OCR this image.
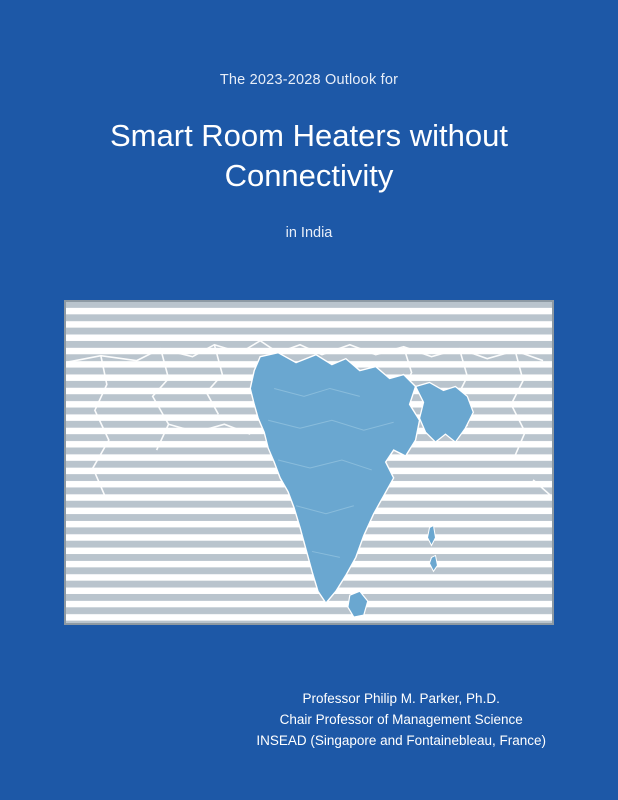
The 2023-2028 Outlook for

Smart Room Heaters without Connectivity

in India

Professor Philip M. Parker, Ph.D.
Chair Professor of Management Science
INSEAD (Singapore and Fontainebleau, France)
